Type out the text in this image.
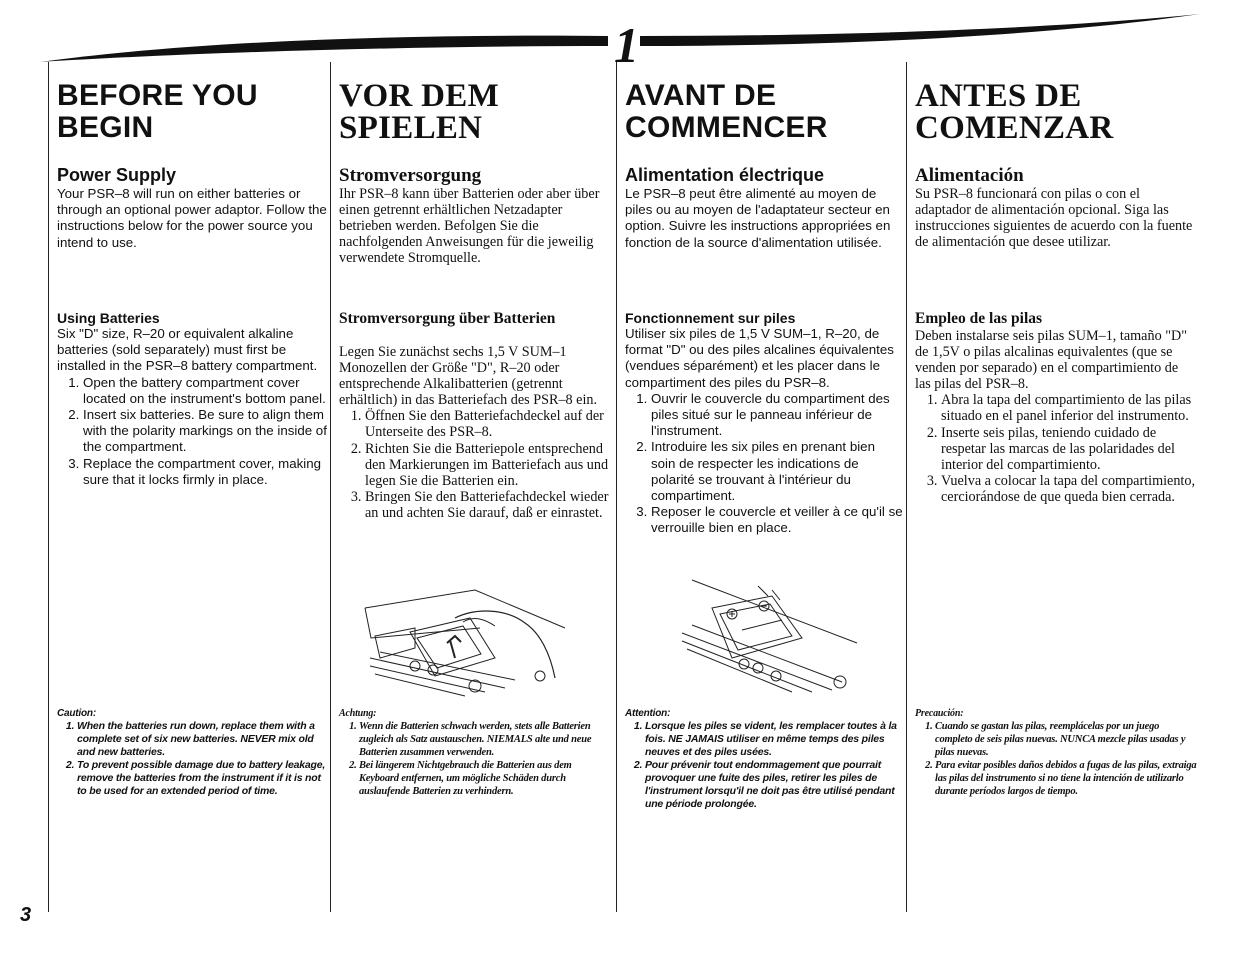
1
BEFORE YOU
BEGIN
Power Supply
Your PSR–8 will run on either batteries or through an optional power adaptor. Follow the instructions below for the power source you intend to use.
Using Batteries
Six "D" size, R–20 or equivalent alkaline batteries (sold separately) must first be installed in the PSR–8 battery compartment.
1. Open the battery compartment cover located on the instrument's bottom panel.
2. Insert six batteries. Be sure to align them with the polarity markings on the inside of the compartment.
3. Replace the compartment cover, making sure that it locks firmly in place.
Caution:
1. When the batteries run down, replace them with a complete set of six new batteries. NEVER mix old and new batteries.
2. To prevent possible damage due to battery leakage, remove the batteries from the instrument if it is not to be used for an extended period of time.
VOR DEM
SPIELEN
Stromversorgung
Ihr PSR–8 kann über Batterien oder aber über einen getrennt erhältlichen Netzadapter betrieben werden. Befolgen Sie die nachfolgenden Anweisungen für die jeweilig verwendete Stromquelle.
Stromversorgung über Batterien
Legen Sie zunächst sechs 1,5 V SUM–1 Monozellen der Größe "D", R–20 oder entsprechende Alkalibatterien (getrennt erhältlich) in das Batteriefach des PSR–8 ein.
1. Öffnen Sie den Batteriefachdeckel auf der Unterseite des PSR–8.
2. Richten Sie die Batteriepole entsprechend den Markierungen im Batteriefach aus und legen Sie die Batterien ein.
3. Bringen Sie den Batteriefachdeckel wieder an und achten Sie darauf, daß er einrastet.
Achtung:
1. Wenn die Batterien schwach werden, stets alle Batterien zugleich als Satz austauschen. NIEMALS alte und neue Batterien zusammen verwenden.
2. Bei längerem Nichtgebrauch die Batterien aus dem Keyboard entfernen, um mögliche Schäden durch auslaufende Batterien zu verhindern.
AVANT DE
COMMENCER
Alimentation électrique
Le PSR–8 peut être alimenté au moyen de piles ou au moyen de l'adaptateur secteur en option. Suivre les instructions appropriées en fonction de la source d'alimentation utilisée.
Fonctionnement sur piles
Utiliser six piles de 1,5 V SUM–1, R–20, de format "D" ou des piles alcalines équivalentes (vendues séparément) et les placer dans le compartiment des piles du PSR–8.
1. Ouvrir le couvercle du compartiment des piles situé sur le panneau inférieur de l'instrument.
2. Introduire les six piles en prenant bien soin de respecter les indications de polarité se trouvant à l'intérieur du compartiment.
3. Reposer le couvercle et veiller à ce qu'il se verrouille bien en place.
Attention:
1. Lorsque les piles se vident, les remplacer toutes à la fois. NE JAMAIS utiliser en même temps des piles neuves et des piles usées.
2. Pour prévenir tout endommagement que pourrait provoquer une fuite des piles, retirer les piles de l'instrument lorsqu'il ne doit pas être utilisé pendant une période prolongée.
ANTES DE
COMENZAR
Alimentación
Su PSR–8 funcionará con pilas o con el adaptador de alimentación opcional. Siga las instrucciones siguientes de acuerdo con la fuente de alimentación que desee utilizar.
Empleo de las pilas
Deben instalarse seis pilas SUM–1, tamaño "D" de 1,5V o pilas alcalinas equivalentes (que se venden por separado) en el compartimiento de las pilas del PSR–8.
1. Abra la tapa del compartimiento de las pilas situado en el panel inferior del instrumento.
2. Inserte seis pilas, teniendo cuidado de respetar las marcas de las polaridades del interior del compartimiento.
3. Vuelva a colocar la tapa del compartimiento, cerciorándose de que queda bien cerrada.
Precaución:
1. Cuando se gastan las pilas, reemplácelas por un juego completo de seis pilas nuevas. NUNCA mezcle pilas usadas y pilas nuevas.
2. Para evitar posibles daños debidos a fugas de las pilas, extraiga las pilas del instrumento si no tiene la intención de utilizarlo durante períodos largos de tiempo.
3
